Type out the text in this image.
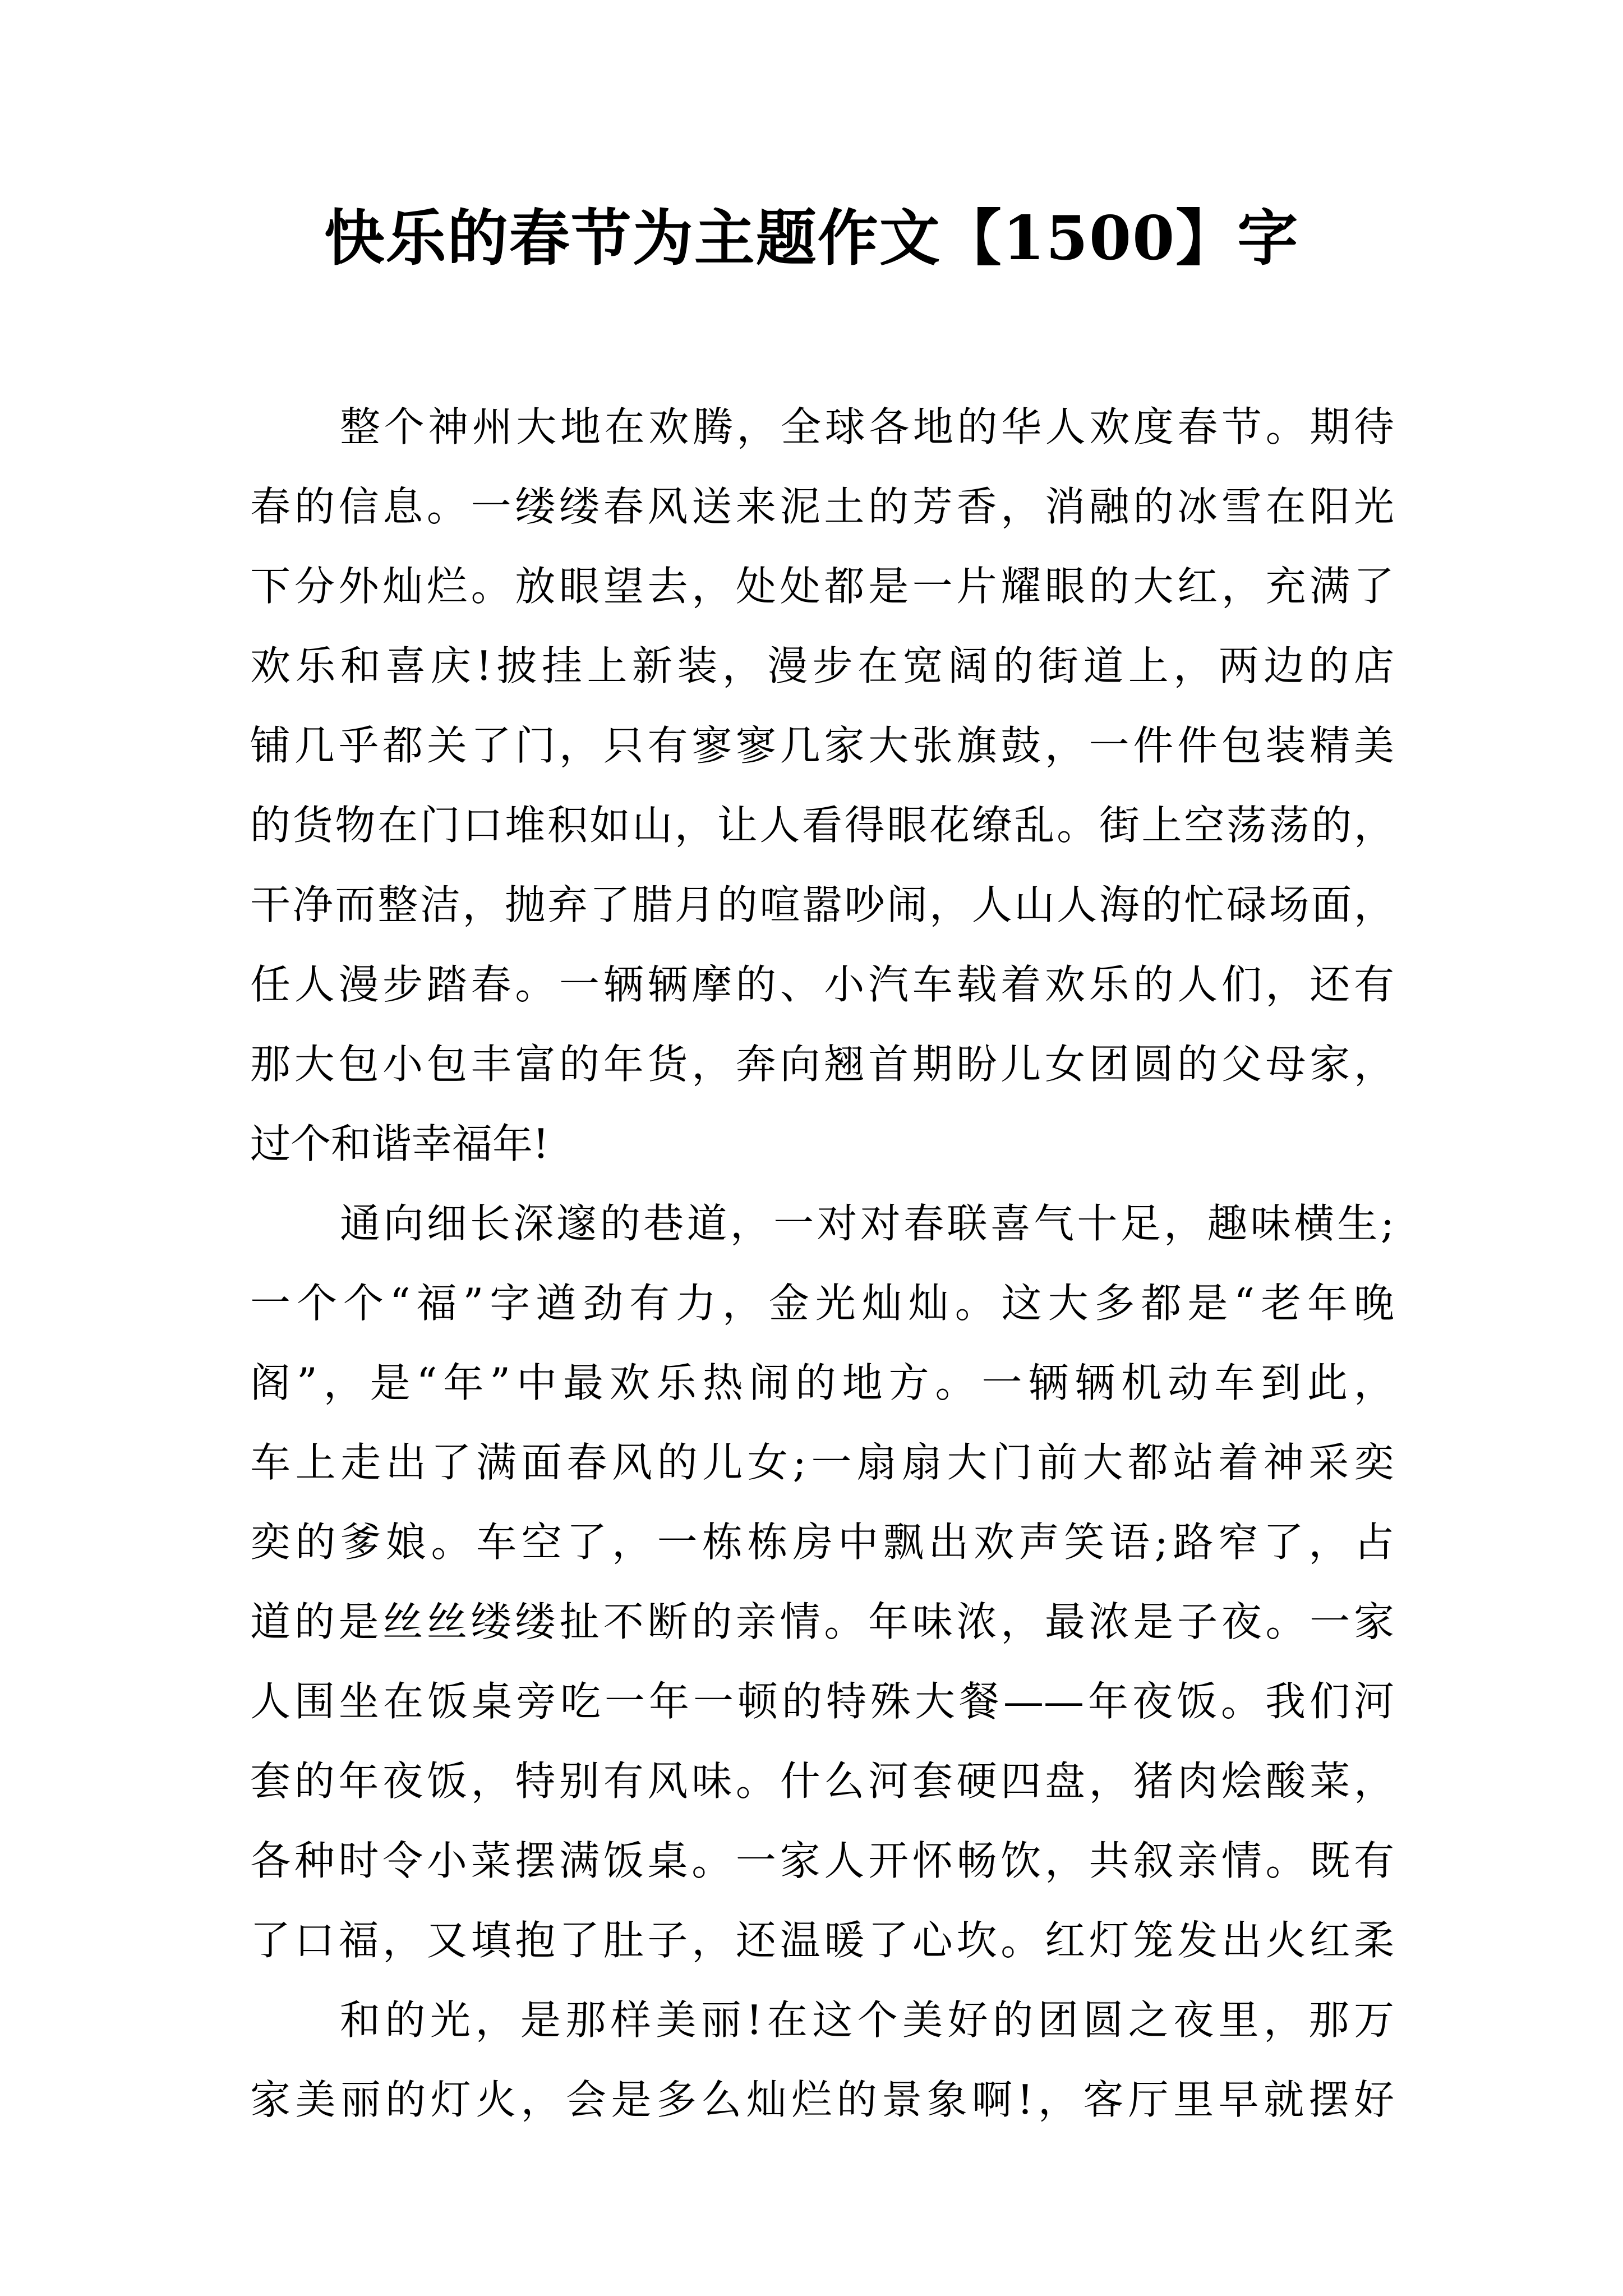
快乐的春节为主题作文【1500】字
整个神州大地在欢腾，全球各地的华人欢度春节。期待
春的信息。一缕缕春风送来泥土的芳香，消融的冰雪在阳光
下分外灿烂。放眼望去，处处都是一片耀眼的大红，充满了
欢乐和喜庆!披挂上新装，漫步在宽阔的街道上，两边的店
铺几乎都关了门，只有寥寥几家大张旗鼓，一件件包装精美
的货物在门口堆积如山，让人看得眼花缭乱。街上空荡荡的，
干净而整洁，抛弃了腊月的喧嚣吵闹，人山人海的忙碌场面，
任人漫步踏春。一辆辆摩的、小汽车载着欢乐的人们，还有
那大包小包丰富的年货，奔向翘首期盼儿女团圆的父母家，
过个和谐幸福年!
通向细长深邃的巷道，一对对春联喜气十足，趣味横生;
一个个“福”字遒劲有力，金光灿灿。这大多都是“老年晚
阁”，是“年”中最欢乐热闹的地方。一辆辆机动车到此，
车上走出了满面春风的儿女;一扇扇大门前大都站着神采奕
奕的爹娘。车空了，一栋栋房中飘出欢声笑语;路窄了，占
道的是丝丝缕缕扯不断的亲情。年味浓，最浓是子夜。一家
人围坐在饭桌旁吃一年一顿的特殊大餐——年夜饭。我们河
套的年夜饭，特别有风味。什么河套硬四盘，猪肉烩酸菜，
各种时令小菜摆满饭桌。一家人开怀畅饮，共叙亲情。既有
了口福，又填抱了肚子，还温暖了心坎。红灯笼发出火红柔
和的光，是那样美丽!在这个美好的团圆之夜里，那万
家美丽的灯火，会是多么灿烂的景象啊!，客厅里早就摆好
